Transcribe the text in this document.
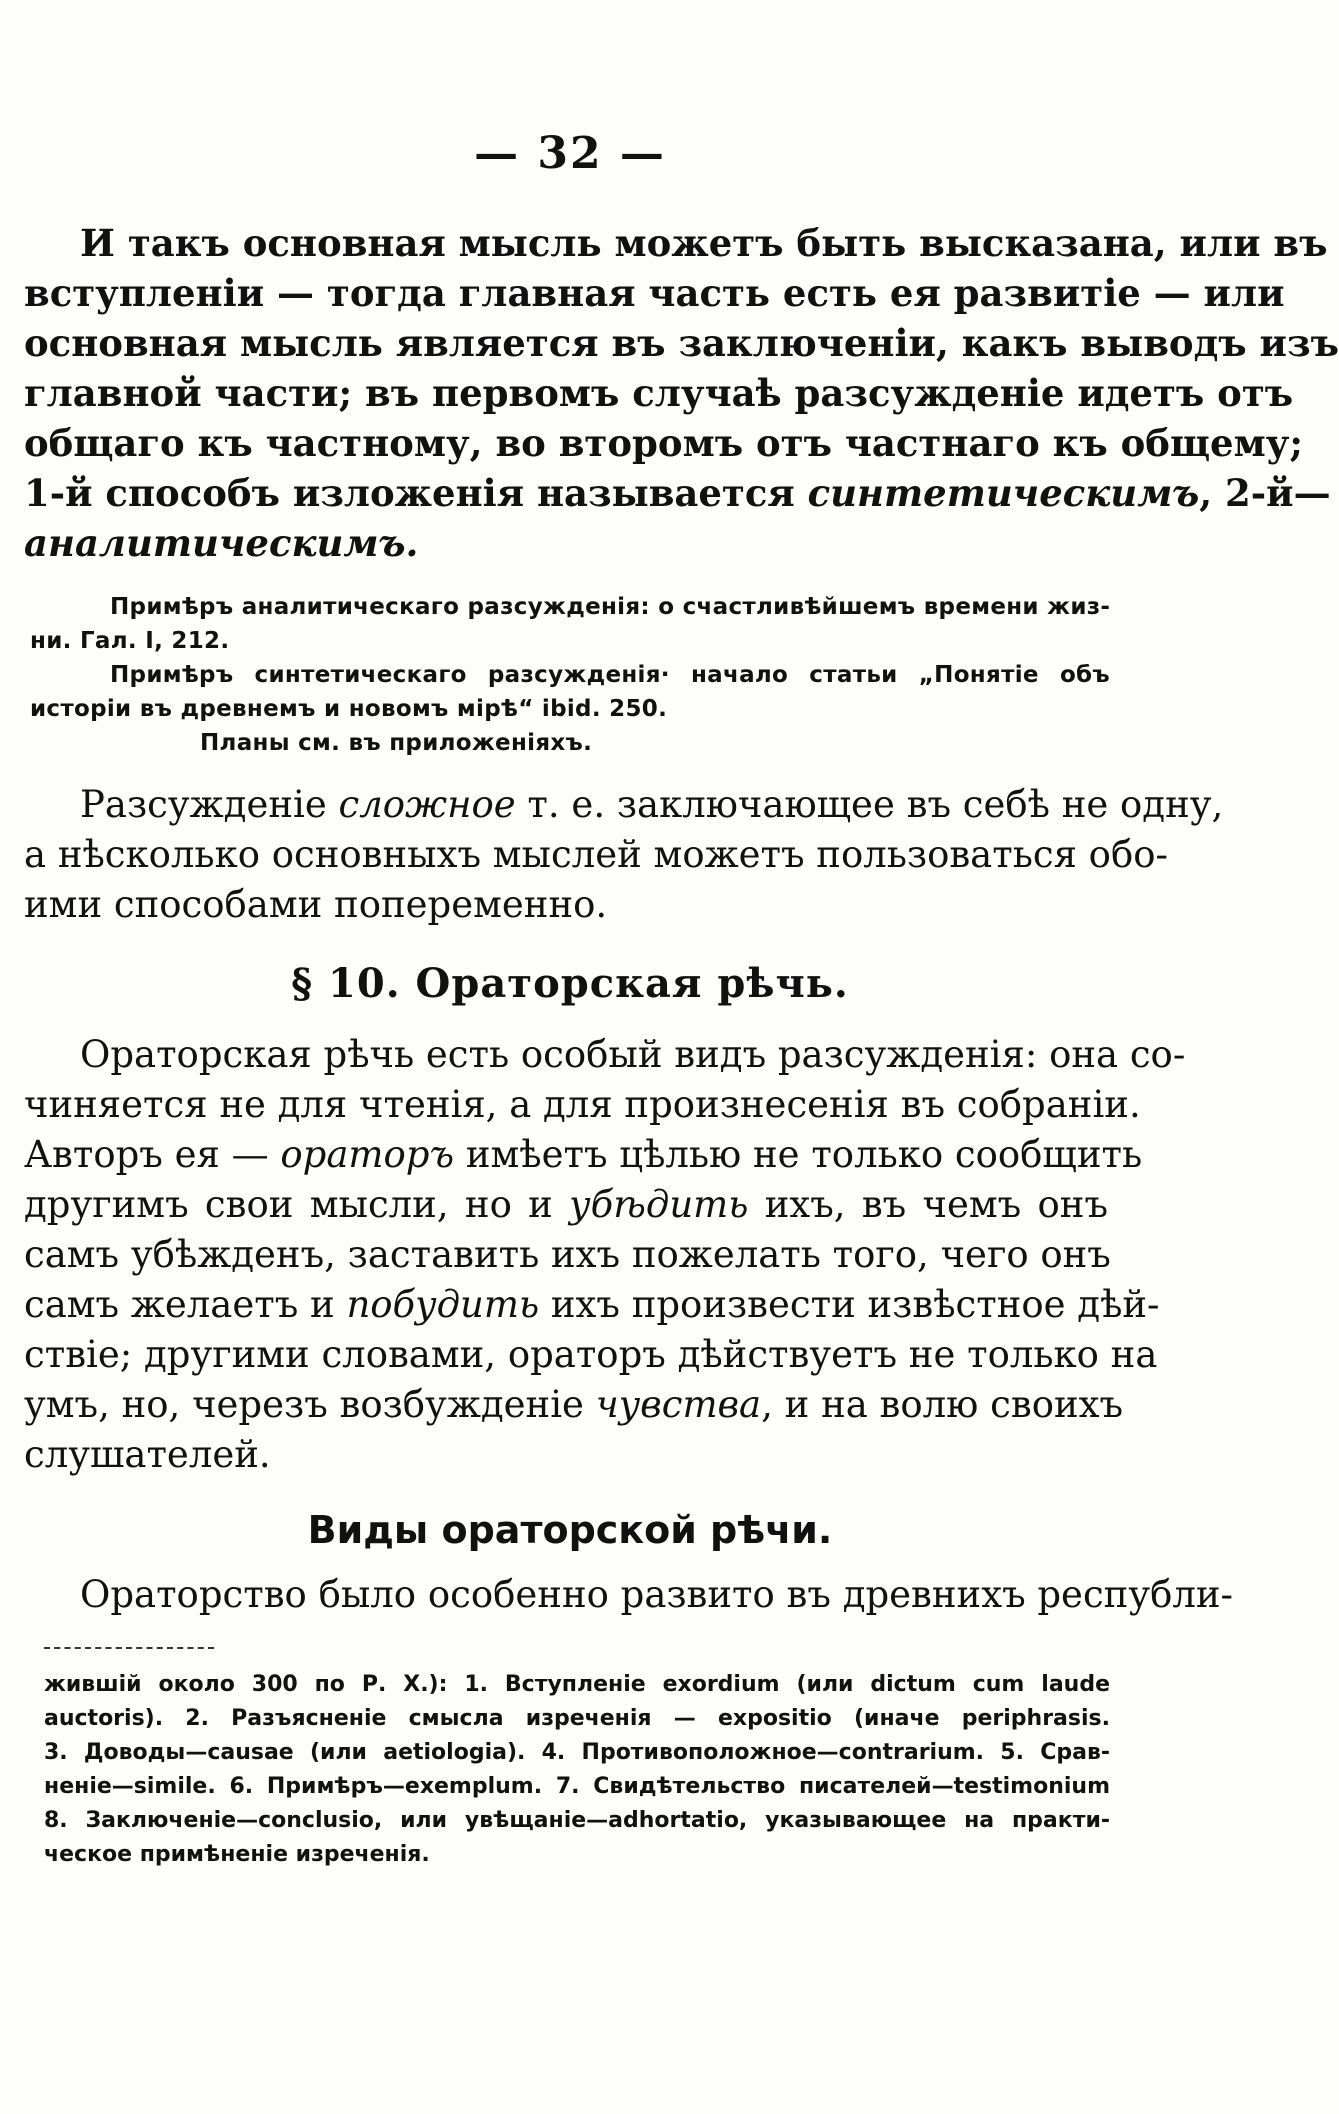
— 32 —
И такъ основная мысль можетъ быть высказана, или въ
вступленіи — тогда главная часть есть ея развитіе — или
основная мысль является въ заключеніи, какъ выводъ изъ
главной части; въ первомъ случаѣ разсужденіе идетъ отъ
общаго къ частному, во второмъ отъ частнаго къ общему;
1-й способъ изложенія называется синтетическимъ, 2-й—
аналитическимъ.
Примѣръ аналитическаго разсужденія: о счастливѣйшемъ времени жиз-
ни. Гал. I, 212.
Примѣръ синтетическаго разсужденія· начало статьи „Понятіе объ
исторіи въ древнемъ и новомъ мірѣ“ ibid. 250.
Планы см. въ приложеніяхъ.
Разсужденіе сложное т. е. заключающее въ себѣ не одну,
а нѣсколько основныхъ мыслей можетъ пользоваться обо-
ими способами попеременно.
§ 10. Ораторская рѣчь.
Ораторская рѣчь есть особый видъ разсужденія: она со-
чиняется не для чтенія, а для произнесенія въ собраніи.
Авторъ ея — ораторъ имѣетъ цѣлью не только сообщить
другимъ свои мысли, но и убѣдить ихъ, въ чемъ онъ
самъ убѣжденъ, заставить ихъ пожелать того, чего онъ
самъ желаетъ и побудить ихъ произвести извѣстное дѣй-
ствіе; другими словами, ораторъ дѣйствуетъ не только на
умъ, но, черезъ возбужденіе чувства, и на волю своихъ
слушателей.
Виды ораторской рѣчи.
Ораторство было особенно развито въ древнихъ республи-
жившій около 300 по Р. Х.): 1. Вступленіе exordium (или dictum cum laude
auctoris). 2. Разъясненіе смысла изреченія — expositio (иначе periphrasis.
3. Доводы—causae (или aetiologia). 4. Противоположное—contrarium. 5. Срав-
неніе—simile. 6. Примѣръ—exemplum. 7. Свидѣтельство писателей—testimonium
8. Заключеніе—conclusio, или увѣщаніе—adhortatio, указывающее на практи-
ческое примѣненіе изреченія.
